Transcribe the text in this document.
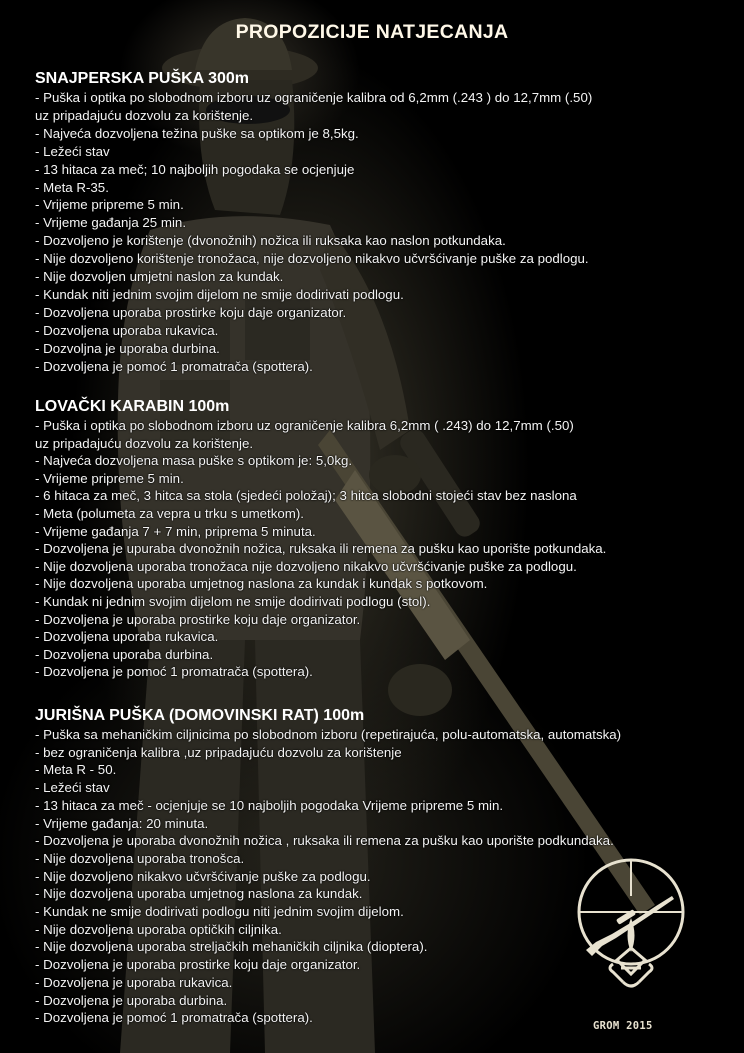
PROPOZICIJE NATJECANJA
SNAJPERSKA PUŠKA 300m
- Puška i optika po slobodnom izboru uz ograničenje kalibra od 6,2mm (.243 ) do 12,7mm (.50)
uz pripadajuću dozvolu za korištenje.
- Najveća dozvoljena težina puške sa optikom je 8,5kg.
- Ležeći stav
- 13 hitaca za meč; 10 najboljih pogodaka se ocjenjuje
- Meta R-35.
- Vrijeme pripreme 5 min.
- Vrijeme gađanja 25 min.
- Dozvoljeno je korištenje (dvonožnih) nožica ili ruksaka kao naslon potkundaka.
- Nije dozvoljeno korištenje tronožaca, nije dozvoljeno nikakvo učvršćivanje puške za podlogu.
- Nije dozvoljen umjetni naslon za kundak.
- Kundak niti jednim svojim dijelom ne smije dodirivati podlogu.
- Dozvoljena uporaba prostirke koju daje organizator.
- Dozvoljena uporaba rukavica.
- Dozvoljna je uporaba durbina.
- Dozvoljena je pomoć 1 promatrača (spottera).
LOVAČKI KARABIN 100m
- Puška i optika po slobodnom izboru uz ograničenje kalibra 6,2mm ( .243) do 12,7mm (.50)
uz pripadajuću dozvolu za korištenje.
- Najveća dozvoljena masa puške s optikom je: 5,0kg.
- Vrijeme pripreme 5 min.
- 6 hitaca za meč, 3 hitca sa stola (sjedeći položaj); 3 hitca slobodni stojeći stav bez naslona
- Meta (polumeta za vepra u trku s umetkom).
- Vrijeme gađanja 7 + 7 min, priprema 5 minuta.
- Dozvoljena je upuraba dvonožnih nožica, ruksaka ili remena za pušku kao uporište potkundaka.
- Nije dozvoljena uporaba tronožaca nije dozvoljeno nikakvo učvršćivanje puške za podlogu.
- Nije dozvoljena uporaba umjetnog naslona za kundak i kundak s potkovom.
- Kundak ni jednim svojim dijelom ne smije dodirivati podlogu (stol).
- Dozvoljena je uporaba prostirke koju daje organizator.
- Dozvoljena uporaba rukavica.
- Dozvoljena uporaba durbina.
- Dozvoljena je pomoć 1 promatrača (spottera).
JURIŠNA PUŠKA (DOMOVINSKI RAT) 100m
- Puška sa mehaničkim ciljnicima po slobodnom izboru (repetirajuća, polu-automatska, automatska)
- bez ograničenja kalibra ,uz pripadajuću dozvolu za korištenje
- Meta R - 50.
- Ležeći stav
- 13 hitaca za meč - ocjenjuje se 10 najboljih pogodaka Vrijeme pripreme 5 min.
- Vrijeme gađanja: 20 minuta.
- Dozvoljena je uporaba dvonožnih nožica , ruksaka ili remena za pušku kao uporište podkundaka.
- Nije dozvoljena uporaba tronošca.
- Nije dozvoljeno nikakvo učvršćivanje puške za podlogu.
- Nije dozvoljena uporaba umjetnog naslona za kundak.
- Kundak ne smije dodirivati podlogu niti jednim svojim dijelom.
- Nije dozvoljena uporaba optičkih ciljnika.
- Nije dozvoljena uporaba streljačkih mehaničkih ciljnika (dioptera).
- Dozvoljena je uporaba prostirke koju daje organizator.
- Dozvoljena je uporaba rukavica.
- Dozvoljena je uporaba durbina.
- Dozvoljena je pomoć 1 promatrača (spottera).
GROM 2015
